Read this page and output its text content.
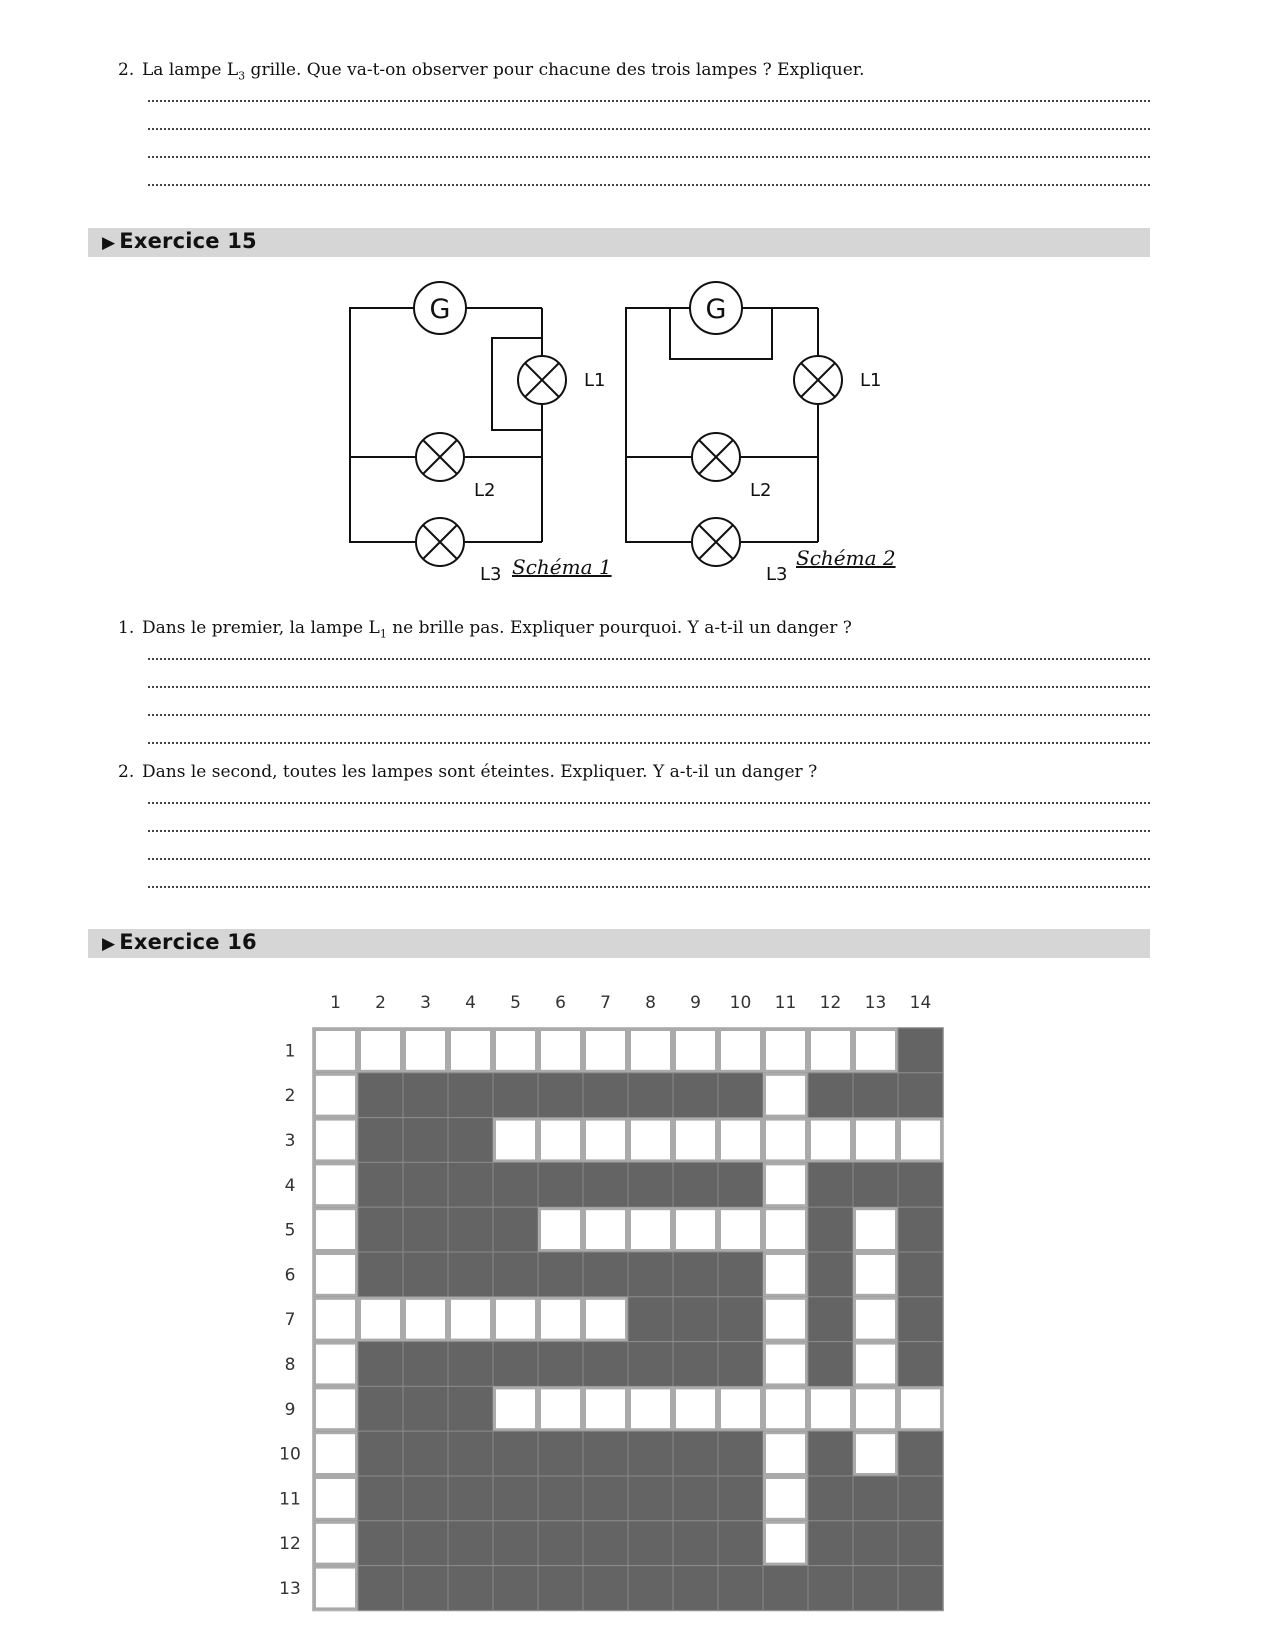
2. La lampe $L_3$ grille. Que va-t-on observer pour chacune des trois lampes ? Expliquer.
▶ Exercice 15
G
L1
L2
L3 Schéma 1
G
L1
L2
L3
Schéma 2
1. Dans le premier, la lampe $L_1$ ne brille pas. Expliquer pourquoi. Y a-t-il un danger ?
2. Dans le second, toutes les lampes sont éteintes. Expliquer. Y a-t-il un danger ?
▶ Exercice 16
1 2 3 4 5 6 7 8 9 10 11 12 13 14
1
2
3
4
5
6
7
8
9
10
11
12
13
